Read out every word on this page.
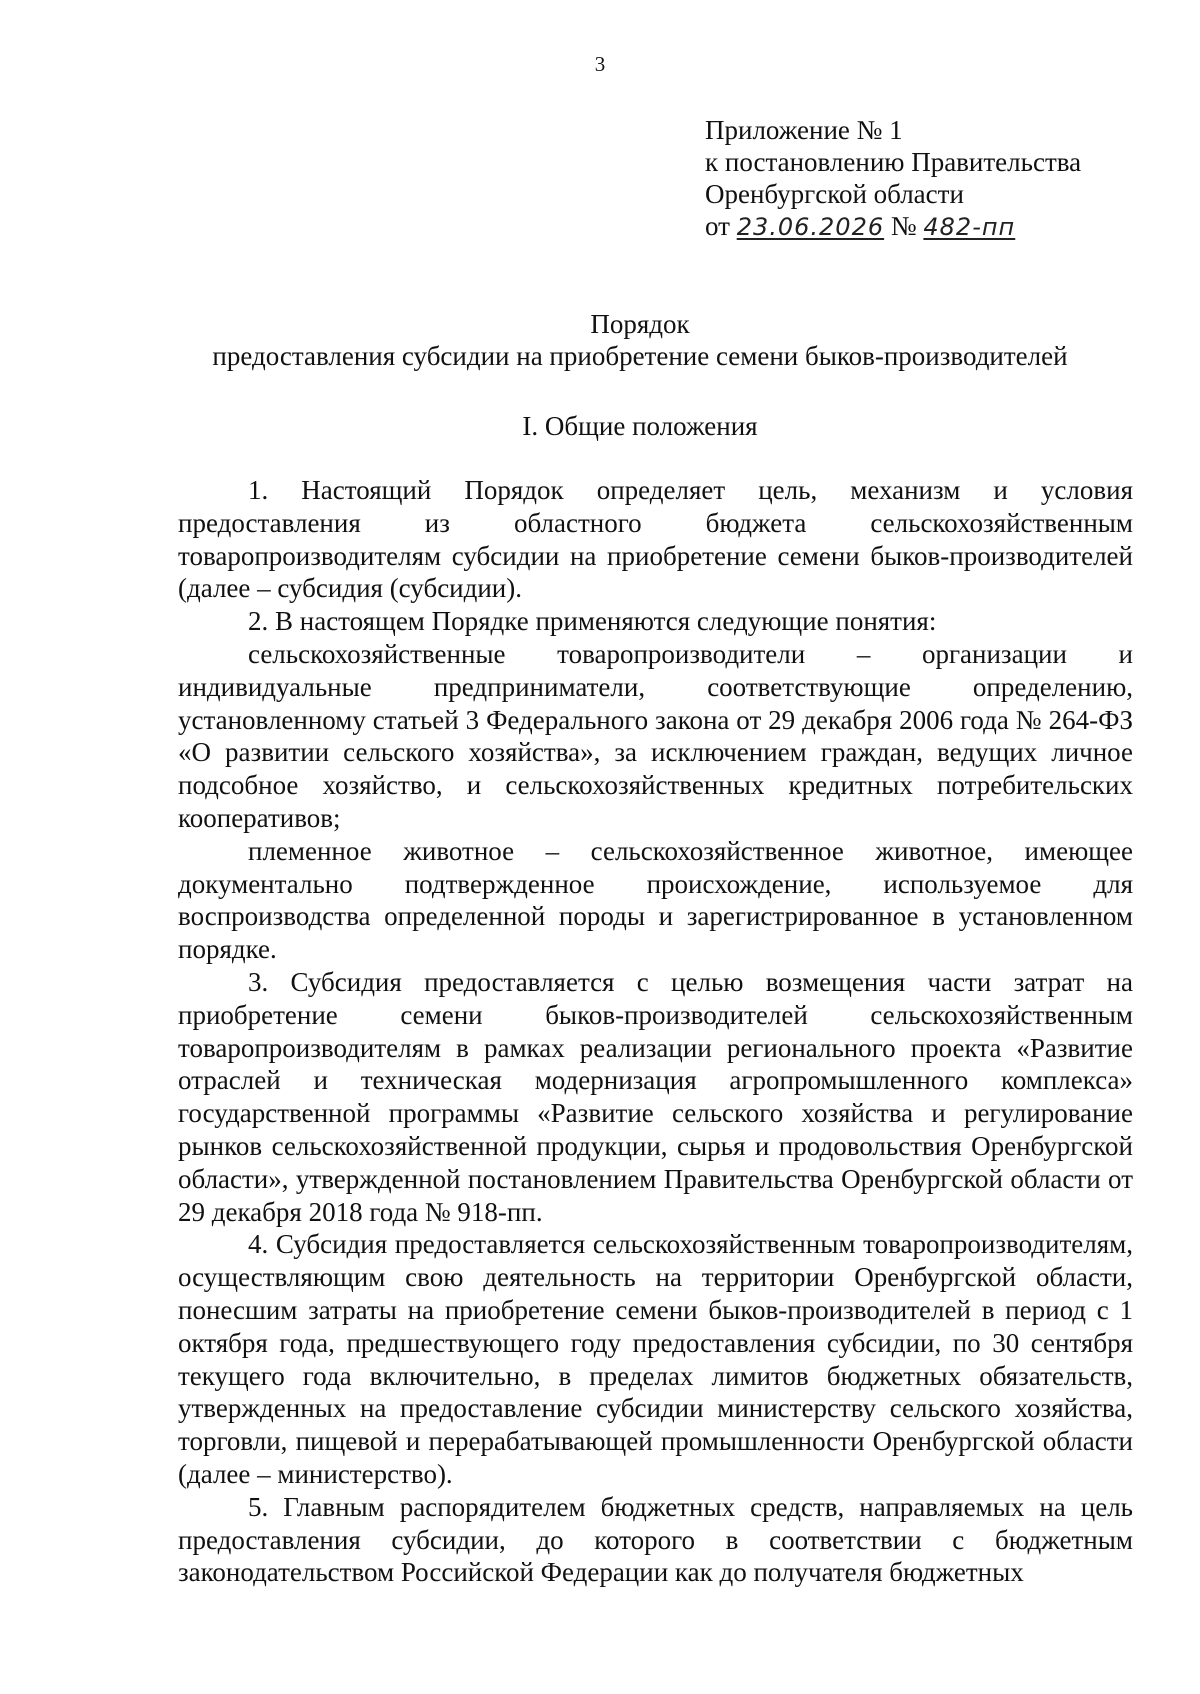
3
Приложение № 1
к постановлению Правительства
Оренбургской области
от 23.06.2026 № 482-пп
Порядок
предоставления субсидии на приобретение семени быков-производителей
I. Общие положения

1. Настоящий Порядок определяет цель, механизм и условия предоставления из областного бюджета сельскохозяйственным товаропроизводителям субсидии на приобретение семени быков-производителей (далее – субсидия (субсидии).

2. В настоящем Порядке применяются следующие понятия:

сельскохозяйственные товаропроизводители – организации и индивидуальные предприниматели, соответствующие определению, установленному статьей 3 Федерального закона от 29 декабря 2006 года № 264-ФЗ «О развитии сельского хозяйства», за исключением граждан, ведущих личное подсобное хозяйство, и сельскохозяйственных кредитных потребительских кооперативов;

племенное животное – сельскохозяйственное животное, имеющее документально подтвержденное происхождение, используемое для воспроизводства определенной породы и зарегистрированное в установленном порядке.

3. Субсидия предоставляется с целью возмещения части затрат на приобретение семени быков-производителей сельскохозяйственным товаропроизводителям в рамках реализации регионального проекта «Развитие отраслей и техническая модернизация агропромышленного комплекса» государственной программы «Развитие сельского хозяйства и регулирование рынков сельскохозяйственной продукции, сырья и продовольствия Оренбургской области», утвержденной постановлением Правительства Оренбургской области от 29 декабря 2018 года № 918-пп.

4. Субсидия предоставляется сельскохозяйственным товаропроизводителям, осуществляющим свою деятельность на территории Оренбургской области, понесшим затраты на приобретение семени быков-производителей в период с 1 октября года, предшествующего году предоставления субсидии, по 30 сентября текущего года включительно, в пределах лимитов бюджетных обязательств, утвержденных на предоставление субсидии министерству сельского хозяйства, торговли, пищевой и перерабатывающей промышленности Оренбургской области (далее – министерство).

5. Главным распорядителем бюджетных средств, направляемых на цель предоставления субсидии, до которого в соответствии с бюджетным законодательством Российской Федерации как до получателя бюджетных
